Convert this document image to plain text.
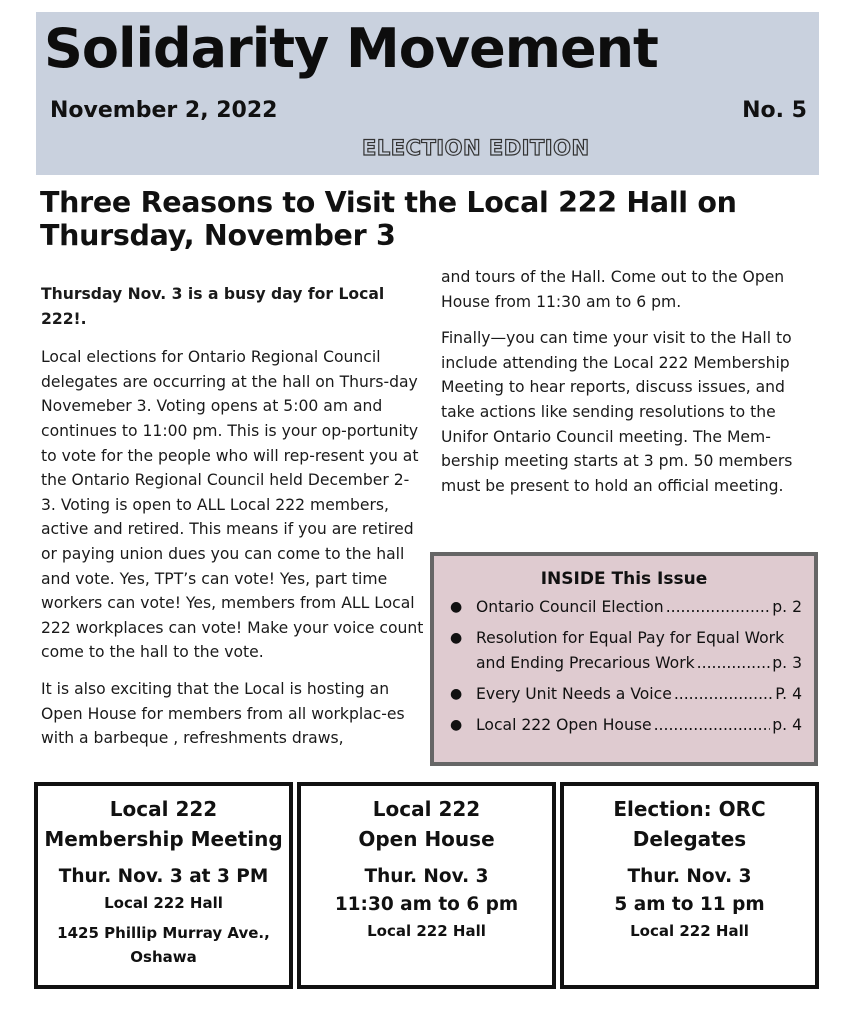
Solidarity Movement
November 2, 2022	No. 5
ELECTION EDITION
Three Reasons to Visit the Local 222 Hall on Thursday, November 3

Thursday Nov. 3 is a busy day for Local 222!.

Local elections for Ontario Regional Council delegates are occurring at the hall on Thurs-day Novemeber 3. Voting opens at 5:00 am and continues to 11:00 pm. This is your op-portunity to vote for the people who will rep-resent you at the Ontario Regional Council held December 2- 3. Voting is open to ALL Local 222 members, active and retired. This means if you are retired or paying union dues you can come to the hall and vote. Yes, TPT’s can vote! Yes, part time workers can vote! Yes, members from ALL Local 222 workplaces can vote! Make your voice count come to the hall to the vote.

It is also exciting that the Local is hosting an Open House for members from all workplac-es with a barbeque , refreshments draws,

and tours of the Hall. Come out to the Open House from 11:30 am to 6 pm.

Finally—you can time your visit to the Hall to include attending the Local 222 Membership Meeting to hear reports, discuss issues, and take actions like sending resolutions to the Unifor Ontario Council meeting. The Mem-bership meeting starts at 3 pm. 50 members must be present to hold an official meeting.

INSIDE This Issue
● Ontario Council Election .....	p. 2
● Resolution for Equal Pay for Equal Work
and Ending Precarious Work .....	p. 3
● Every Unit Needs a Voice .....	P. 4
● Local 222 Open House .....	p. 4
Local 222
Membership Meeting
Thur. Nov. 3 at 3 PM
Local 222 Hall
1425 Phillip Murray Ave., Oshawa
Local 222
Open House
Thur. Nov. 3
11:30 am to 6 pm
Local 222 Hall
Election: ORC
Delegates
Thur. Nov. 3
5 am to 11 pm
Local 222 Hall
